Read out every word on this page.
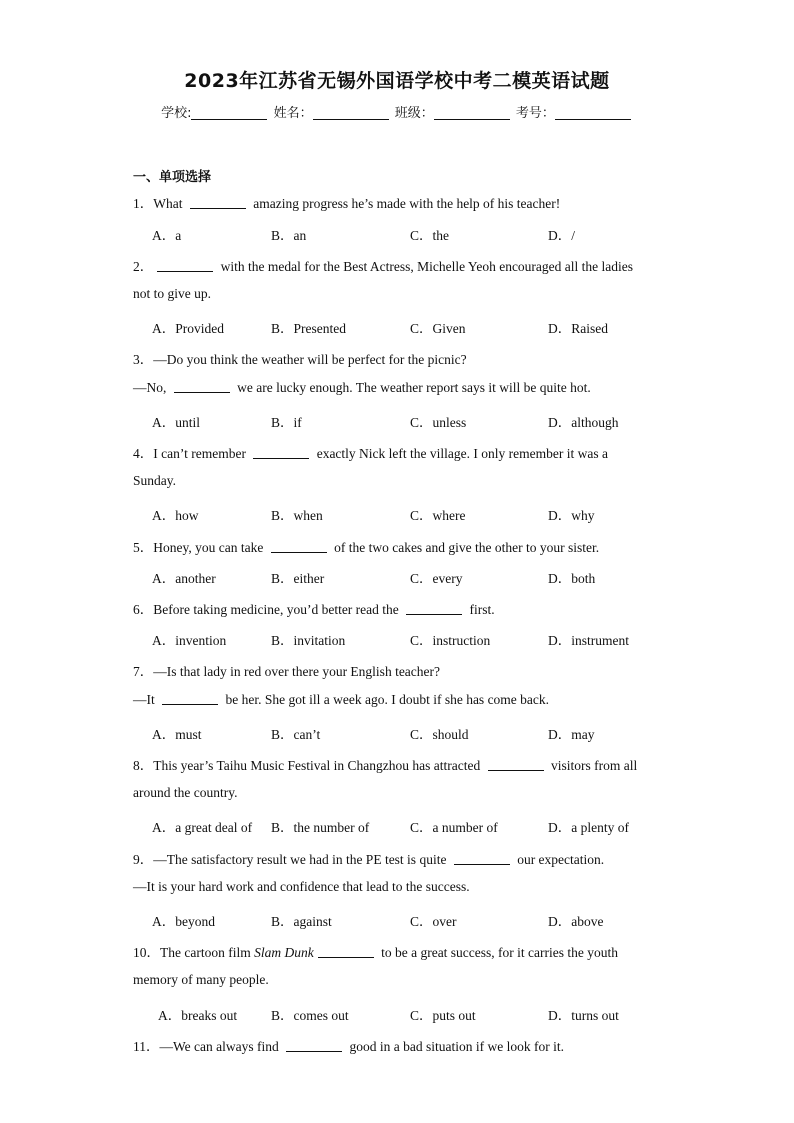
2023年江苏省无锡外国语学校中考二模英语试题
学校:	姓名：	班级：	考号：
一、单项选择
1．What	amazing progress he’s made with the help of his teacher!
A．a	B．an	C．the	D．/
2．	with the medal for the Best Actress, Michelle Yeoh encouraged all the ladies
not to give up.
A．Provided	B．Presented	C．Given	D．Raised
3．—Do you think the weather will be perfect for the picnic?
—No,	we are lucky enough. The weather report says it will be quite hot.
A．until	B．if	C．unless	D．although
4．I can’t remember	exactly Nick left the village. I only remember it was a
Sunday.
A．how	B．when	C．where	D．why
5．Honey, you can take	of the two cakes and give the other to your sister.
A．another	B．either	C．every	D．both
6．Before taking medicine, you’d better read the	first.
A．invention	B．invitation	C．instruction	D．instrument
7．—Is that lady in red over there your English teacher?
—It	be her. She got ill a week ago. I doubt if she has come back.
A．must	B．can’t	C．should	D．may
8．This year’s Taihu Music Festival in Changzhou has attracted	visitors from all
around the country.
A．a great deal of B．the number of	C．a number of	D．a plenty of
9．—The satisfactory result we had in the PE test is quite	our expectation.
—It is your hard work and confidence that lead to the success.
A．beyond	B．against	C．over	D．above
10．The cartoon film Slam Dunk	to be a great success, for it carries the youth
memory of many people.
A．breaks out	B．comes out	C．puts out	D．turns out
11．—We can always find	good in a bad situation if we look for it.
